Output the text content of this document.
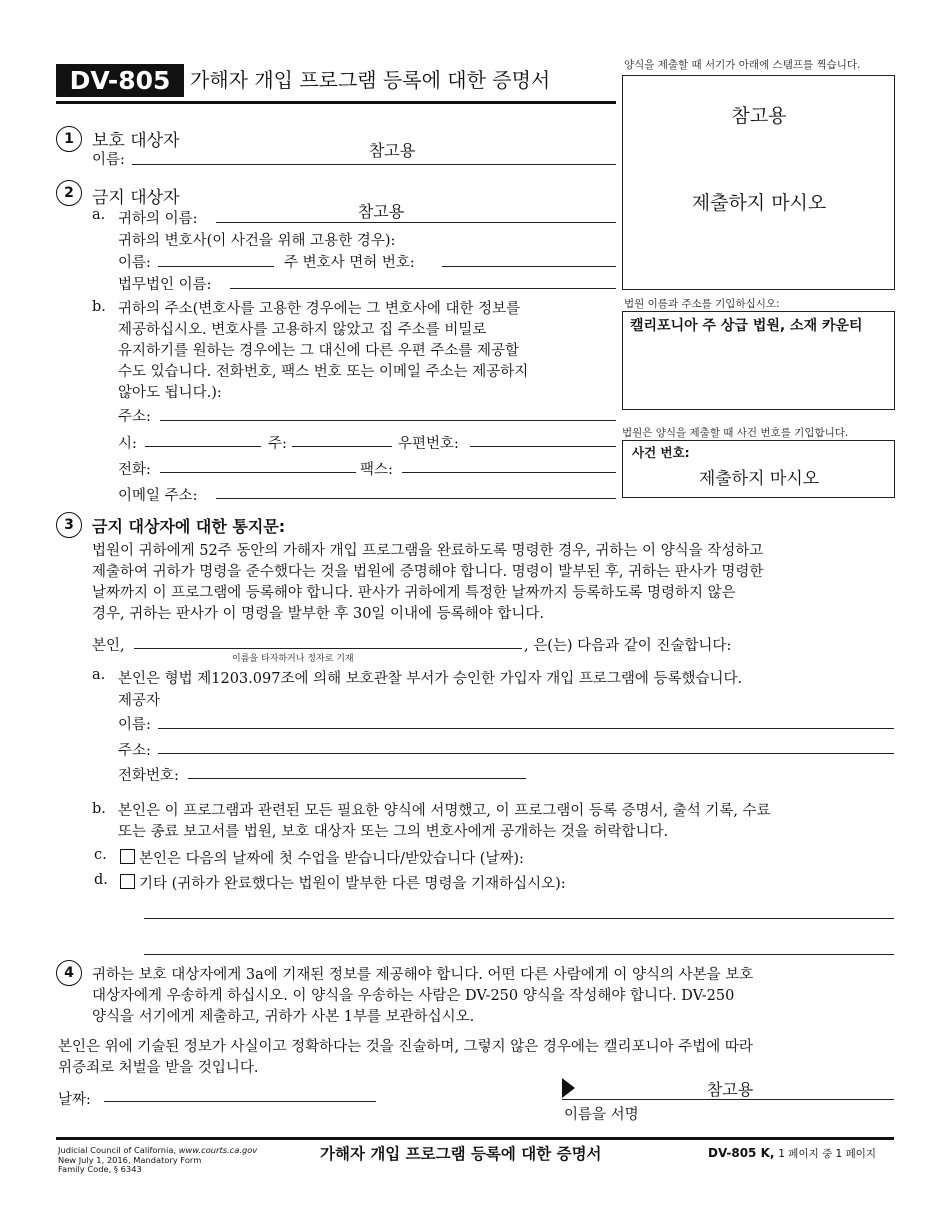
DV-805 K
가해자 개입 프로그램 등록에 대한 증명서
양식을 제출할 때 서기가 아래에 스탬프를 찍습니다.
참고용
제출하지 마시오
법원 이름과 주소를 기입하십시오:
캘리포니아 주 상급 법원, 소재 카운티
법원은 양식을 제출할 때 사건 번호를 기입합니다.
사건 번호:
제출하지 마시오
1	보호 대상자
이름:	참고용
2	금지 대상자
a. 귀하의 이름:	참고용
귀하의 변호사(이 사건을 위해 고용한 경우):
이름:	주 변호사 면허 번호:
법무법인 이름:
b. 귀하의 주소(변호사를 고용한 경우에는 그 변호사에 대한 정보를
제공하십시오. 변호사를 고용하지 않았고 집 주소를 비밀로
유지하기를 원하는 경우에는 그 대신에 다른 우편 주소를 제공할
수도 있습니다. 전화번호, 팩스 번호 또는 이메일 주소는 제공하지
않아도 됩니다.):
주소:
시:	주:	우편번호:
전화:	팩스:
이메일 주소:
3	금지 대상자에 대한 통지문:
법원이 귀하에게 52주 동안의 가해자 개입 프로그램을 완료하도록 명령한 경우, 귀하는 이 양식을 작성하고
제출하여 귀하가 명령을 준수했다는 것을 법원에 증명해야 합니다. 명령이 발부된 후, 귀하는 판사가 명령한
날짜까지 이 프로그램에 등록해야 합니다. 판사가 귀하에게 특정한 날짜까지 등록하도록 명령하지 않은
경우, 귀하는 판사가 이 명령을 발부한 후 30일 이내에 등록해야 합니다.
본인,	, 은(는) 다음과 같이 진술합니다:
이름을 타자하거나 정자로 기재
a. 본인은 형법 제1203.097조에 의해 보호관찰 부서가 승인한 가입자 개입 프로그램에 등록했습니다.
제공자
이름:
주소:
전화번호:
b. 본인은 이 프로그램과 관련된 모든 필요한 양식에 서명했고, 이 프로그램이 등록 증명서, 출석 기록, 수료
또는 종료 보고서를 법원, 보호 대상자 또는 그의 변호사에게 공개하는 것을 허락합니다.
c.	본인은 다음의 날짜에 첫 수업을 받습니다/받았습니다 (날짜):
d.	기타 (귀하가 완료했다는 법원이 발부한 다른 명령을 기재하십시오):
4	귀하는 보호 대상자에게 3a에 기재된 정보를 제공해야 합니다. 어떤 다른 사람에게 이 양식의 사본을 보호
대상자에게 우송하게 하십시오. 이 양식을 우송하는 사람은 DV-250 양식을 작성해야 합니다. DV-250
양식을 서기에게 제출하고, 귀하가 사본 1부를 보관하십시오.
본인은 위에 기술된 정보가 사실이고 정확하다는 것을 진술하며, 그렇지 않은 경우에는 캘리포니아 주법에 따라
위증죄로 처벌을 받을 것입니다.
날짜:
참고용
이름을 서명
Judicial Council of California, www.courts.ca.gov
New July 1, 2016, Mandatory Form
Family Code, § 6343
가해자 개입 프로그램 등록에 대한 증명서	DV-805 K, 1 페이지 중 1 페이지
